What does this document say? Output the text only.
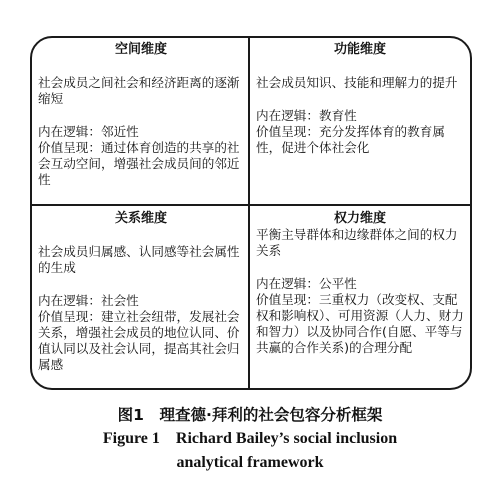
空间维度
社会成员之间社会和经济距离的逐渐缩短
内在逻辑：邻近性
价值呈现：通过体育创造的共享的社会互动空间，增强社会成员间的邻近性
功能维度
社会成员知识、技能和理解力的提升
内在逻辑：教育性
价值呈现：充分发挥体育的教育属性，促进个体社会化
关系维度
社会成员归属感、认同感等社会属性的生成
内在逻辑：社会性
价值呈现：建立社会纽带，发展社会关系，增强社会成员的地位认同、价值认同以及社会认同，提高其社会归属感
权力维度
平衡主导群体和边缘群体之间的权力关系
内在逻辑：公平性
价值呈现：三重权力（改变权、支配权和影响权）、可用资源（人力、财力和智力）以及协同合作(自愿、平等与共赢的合作关系)的合理分配
图1　理查德·拜利的社会包容分析框架
Figure 1　Richard Bailey’s social inclusion
analytical framework
